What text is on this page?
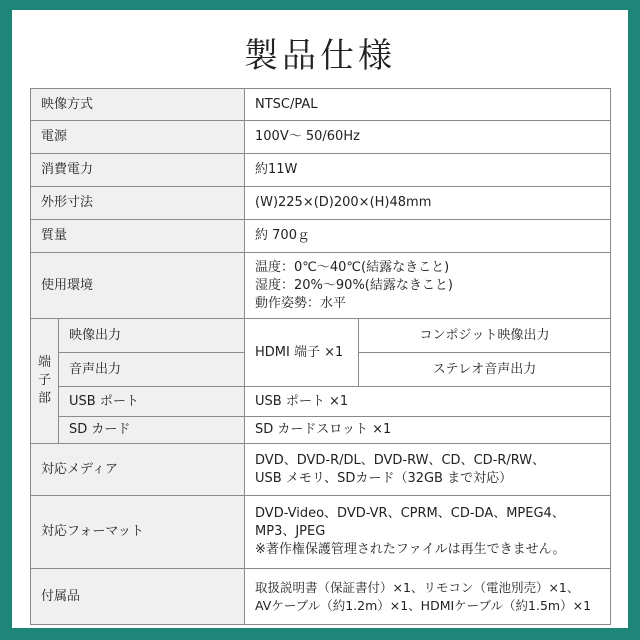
製品仕様
映像方式		NTSC/PAL	
電源		100V〜 50/60Hz	
消費電力		約11W	
外形寸法		(W)225×(D)200×(H)48mm	
質量		約 700ｇ	
使用環境		温度：0℃〜40℃(結露なきこと)
湿度：20%〜90%(結露なきこと)
動作姿勢：水平	

端
子
部	映像出力	HDMI 端子 ×1	コンポジット映像出力
	音声出力		ステレオ音声出力
	USB ポート	USB ポート ×1	
	SD カード	SD カードスロット ×1	
対応メディア		DVD、DVD-R/DL、DVD-RW、CD、CD-R/RW、
USB メモリ、SDカード（32GB まで対応）	

対応フォーマット		DVD-Video、DVD-VR、CPRM、CD-DA、MPEG4、
MP3、JPEG
※著作権保護管理されたファイルは再生できません。	

付属品		取扱説明書（保証書付）×1、リモコン（電池別売）×1、
AVケーブル（約1.2m）×1、HDMIケーブル（約1.5m）×1	
